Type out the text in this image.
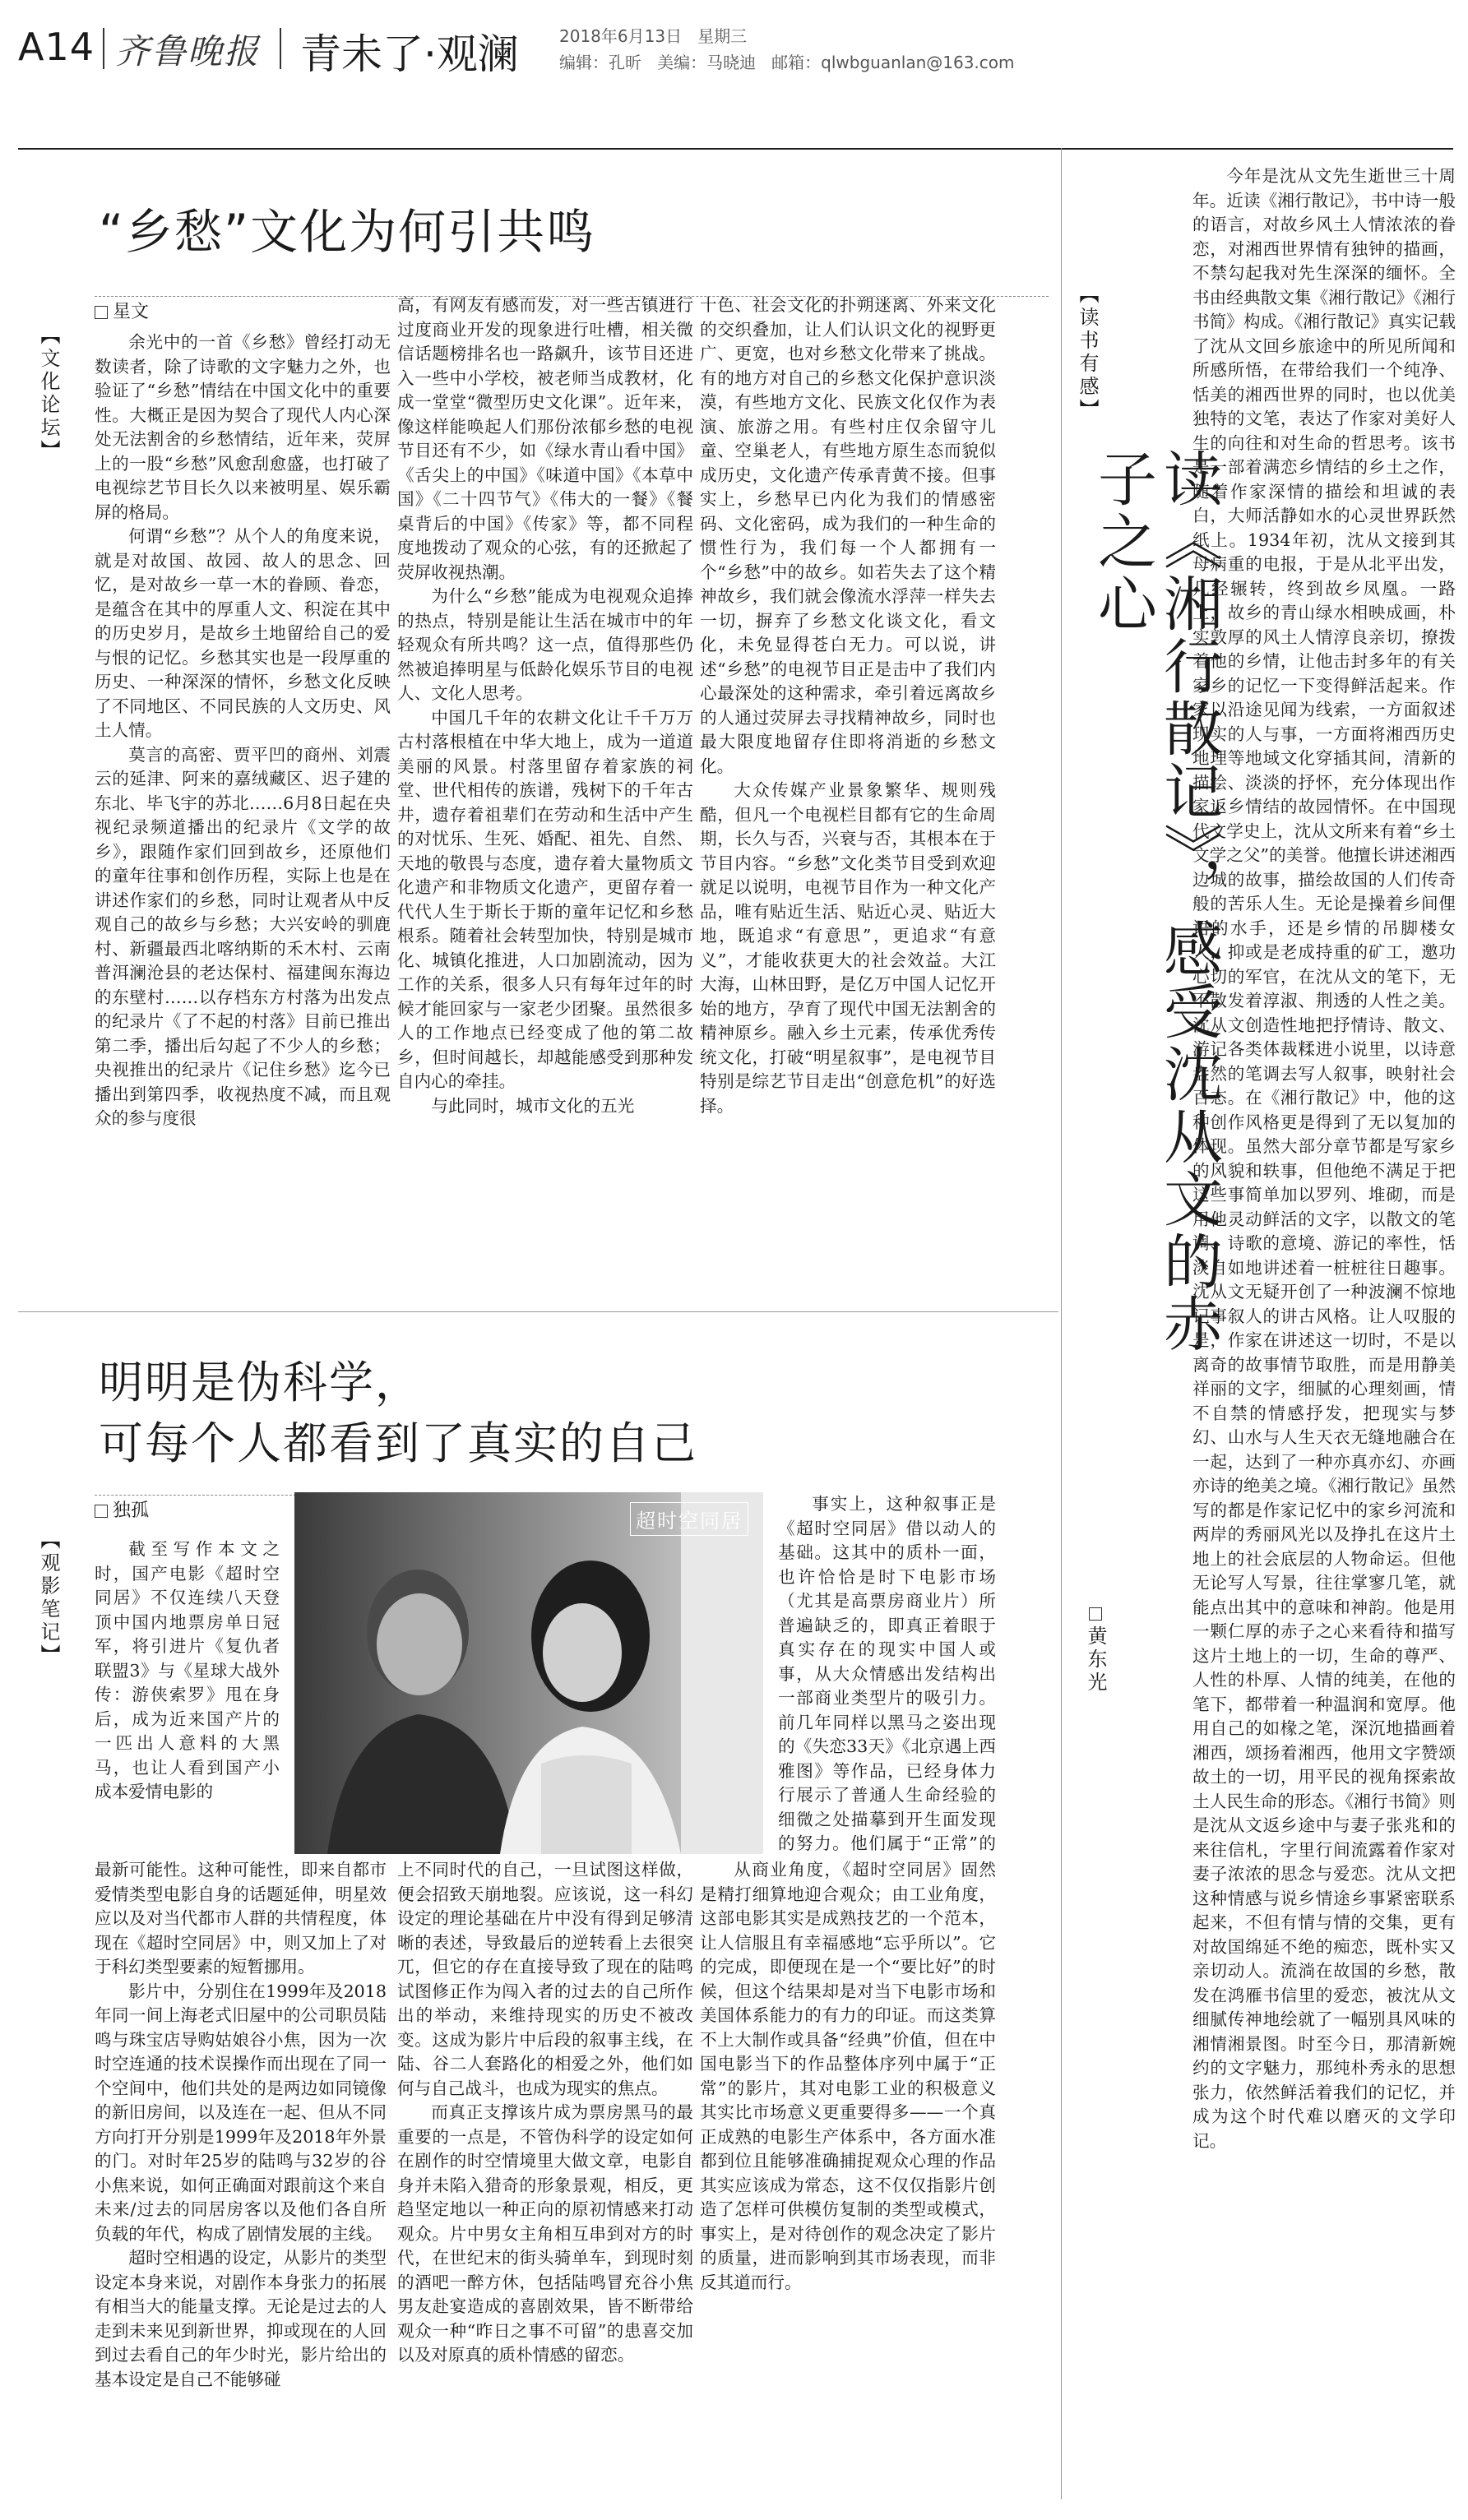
A14 齐鲁晚报 青未了·观澜 2018年6月13日 星期三
编辑：孔昕 美编：马晓迪 邮箱：qlwbguanlan@163.com
“乡愁”文化为何引共鸣
星文
【文化论坛】	余光中的一首《乡愁》曾经打动无数读者，除了诗歌的文字魅力之外，也验证了“乡愁”情结在中国文化中的重要性。大概正是因为契合了现代人内心深处无法割舍的乡愁情结，近年来，荧屏上的一股“乡愁”风愈刮愈盛，也打破了电视综艺节目长久以来被明星、娱乐霸屏的格局。

何谓“乡愁”？从个人的角度来说，就是对故国、故园、故人的思念、回忆，是对故乡一草一木的眷顾、眷恋，是蕴含在其中的厚重人文、积淀在其中的历史岁月，是故乡土地留给自己的爱与恨的记忆。乡愁其实也是一段厚重的历史、一种深深的情怀，乡愁文化反映了不同地区、不同民族的人文历史、风土人情。

莫言的高密、贾平凹的商州、刘震云的延津、阿来的嘉绒藏区、迟子建的东北、毕飞宇的苏北……6月8日起在央视纪录频道播出的纪录片《文学的故乡》，跟随作家们回到故乡，还原他们的童年往事和创作历程，实际上也是在讲述作家们的乡愁，同时让观者从中反观自己的故乡与乡愁；大兴安岭的驯鹿村、新疆最西北喀纳斯的禾木村、云南普洱澜沧县的老达保村、福建闽东海边的东壁村……以存档东方村落为出发点的纪录片《了不起的村落》目前已推出第二季，播出后勾起了不少人的乡愁；央视推出的纪录片《记住乡愁》迄今已播出到第四季，收视热度不减，而且观众的参与度很

高，有网友有感而发，对一些古镇进行过度商业开发的现象进行吐槽，相关微信话题榜排名也一路飙升，该节目还进入一些中小学校，被老师当成教材，化成一堂堂“微型历史文化课”。近年来，像这样能唤起人们那份浓郁乡愁的电视节目还有不少，如《绿水青山看中国》《舌尖上的中国》《味道中国》《本草中国》《二十四节气》《伟大的一餐》《餐桌背后的中国》《传家》等，都不同程度地拨动了观众的心弦，有的还掀起了荧屏收视热潮。

为什么“乡愁”能成为电视观众追捧的热点，特别是能让生活在城市中的年轻观众有所共鸣？这一点，值得那些仍然被追捧明星与低龄化娱乐节目的电视人、文化人思考。

中国几千年的农耕文化让千千万万古村落根植在中华大地上，成为一道道美丽的风景。村落里留存着家族的祠堂、世代相传的族谱，残树下的千年古井，遗存着祖辈们在劳动和生活中产生的对忧乐、生死、婚配、祖先、自然、天地的敬畏与态度，遗存着大量物质文化遗产和非物质文化遗产，更留存着一代代人生于斯长于斯的童年记忆和乡愁根系。随着社会转型加快，特别是城市化、城镇化推进，人口加剧流动，因为工作的关系，很多人只有每年过年的时候才能回家与一家老少团聚。虽然很多人的工作地点已经变成了他的第二故乡，但时间越长，却越能感受到那种发自内心的牵挂。

与此同时，城市文化的五光

十色、社会文化的扑朔迷离、外来文化的交织叠加，让人们认识文化的视野更广、更宽，也对乡愁文化带来了挑战。有的地方对自己的乡愁文化保护意识淡漠，有些地方文化、民族文化仅作为表演、旅游之用。有些村庄仅余留守儿童、空巢老人，有些地方原生态而貌似成历史，文化遗产传承青黄不接。但事实上，乡愁早已内化为我们的情感密码、文化密码，成为我们的一种生命的惯性行为，我们每一个人都拥有一个“乡愁”中的故乡。如若失去了这个精神故乡，我们就会像流水浮萍一样失去一切，摒弃了乡愁文化谈文化，看文化，未免显得苍白无力。可以说，讲述“乡愁”的电视节目正是击中了我们内心最深处的这种需求，牵引着远离故乡的人通过荧屏去寻找精神故乡，同时也最大限度地留存住即将消逝的乡愁文化。

大众传媒产业景象繁华、规则残酷，但凡一个电视栏目都有它的生命周期，长久与否，兴衰与否，其根本在于节目内容。“乡愁”文化类节目受到欢迎就足以说明，电视节目作为一种文化产品，唯有贴近生活、贴近心灵、贴近大地，既追求“有意思”，更追求“有意义”，才能收获更大的社会效益。大江大海，山林田野，是亿万中国人记忆开始的地方，孕育了现代中国无法割舍的精神原乡。融入乡土元素，传承优秀传统文化，打破“明星叙事”，是电视节目特别是综艺节目走出“创意危机”的好选择。

明明是伪科学，
可每个人都看到了真实的自己
独孤
【观影笔记】	截至写作本文之时，国产电影《超时空同居》不仅连续八天登顶中国内地票房单日冠军，将引进片《复仇者联盟3》与《星球大战外传：游侠索罗》甩在身后，成为近来国产片的一匹出人意料的大黑马，也让人看到国产小成本爱情电影的

超时空同居

事实上，这种叙事正是《超时空同居》借以动人的基础。这其中的质朴一面，也许恰恰是时下电影市场（尤其是高票房商业片）所普遍缺乏的，即真正着眼于真实存在的现实中国人或事，从大众情感出发结构出一部商业类型片的吸引力。前几年同样以黑马之姿出现的《失恋33天》《北京遇上西雅图》等作品，已经身体力行展示了普通人生命经验的细微之处描摹到开生面发现的努力。他们属于“正常”的

最新可能性。这种可能性，即来自都市爱情类型电影自身的话题延伸，明星效应以及对当代都市人群的共情程度，体现在《超时空同居》中，则又加上了对于科幻类型要素的短暂挪用。

影片中，分别住在1999年及2018年同一间上海老式旧屋中的公司职员陆鸣与珠宝店导购姑娘谷小焦，因为一次时空连通的技术误操作而出现在了同一个空间中，他们共处的是两边如同镜像的新旧房间，以及连在一起、但从不同方向打开分别是1999年及2018年外景的门。对时年25岁的陆鸣与32岁的谷小焦来说，如何正确面对跟前这个来自未来/过去的同居房客以及他们各自所负载的年代，构成了剧情发展的主线。

超时空相遇的设定，从影片的类型设定本身来说，对剧作本身张力的拓展有相当大的能量支撑。无论是过去的人走到未来见到新世界，抑或现在的人回到过去看自己的年少时光，影片给出的基本设定是自己不能够碰

上不同时代的自己，一旦试图这样做，便会招致天崩地裂。应该说，这一科幻设定的理论基础在片中没有得到足够清晰的表述，导致最后的逆转看上去很突兀，但它的存在直接导致了现在的陆鸣试图修正作为闯入者的过去的自己所作出的举动，来维持现实的历史不被改变。这成为影片中后段的叙事主线，在陆、谷二人套路化的相爱之外，他们如何与自己战斗，也成为现实的焦点。

而真正支撑该片成为票房黑马的最重要的一点是，不管伪科学的设定如何在剧作的时空情境里大做文章，电影自身并未陷入猎奇的形象景观，相反，更趋坚定地以一种正向的原初情感来打动观众。片中男女主角相互串到对方的时代，在世纪末的街头骑单车，到现时刻的酒吧一醉方休，包括陆鸣冒充谷小焦男友赴宴造成的喜剧效果，皆不断带给观众一种“昨日之事不可留”的患喜交加以及对原真的质朴情感的留恋。

从商业角度，《超时空同居》固然是精打细算地迎合观众；由工业角度，这部电影其实是成熟技艺的一个范本，让人信服且有幸福感地“忘乎所以”。它的完成，即便现在是一个“要比好”的时候，但这个结果却是对当下电影市场和美国体系能力的有力的印证。而这类算不上大制作或具备“经典”价值，但在中国电影当下的作品整体序列中属于“正常”的影片，其对电影工业的积极意义其实比市场意义更重要得多——一个真正成熟的电影生产体系中，各方面水准都到位且能够准确捕捉观众心理的作品其实应该成为常态，这不仅仅指影片创造了怎样可供模仿复制的类型或模式，事实上，是对待创作的观念决定了影片的质量，进而影响到其市场表现，而非反其道而行。

【读书有感】
读《湘行散记》，感受沈从文的赤子之心
黄东光

今年是沈从文先生逝世三十周年。近读《湘行散记》，书中诗一般的语言，对故乡风土人情浓浓的眷恋，对湘西世界情有独钟的描画，不禁勾起我对先生深深的缅怀。全书由经典散文集《湘行散记》《湘行书简》构成。《湘行散记》真实记载了沈从文回乡旅途中的所见所闻和所感所悟，在带给我们一个纯净、恬美的湘西世界的同时，也以优美独特的文笔，表达了作家对美好人生的向往和对生命的哲思考。该书是一部着满恋乡情结的乡土之作，随着作家深情的描绘和坦诚的表白，大师活静如水的心灵世界跃然纸上。1934年初，沈从文接到其母病重的电报，于是从北平出发，几经辗转，终到故乡凤凰。一路上，故乡的青山绿水相映成画，朴实敦厚的风土人情淳良亲切，撩拨着他的乡情，让他击封多年的有关家乡的记忆一下变得鲜活起来。作家以沿途见闻为线索，一方面叙述现实的人与事，一方面将湘西历史地理等地域文化穿插其间，清新的描绘、淡淡的抒怀，充分体现出作家返乡情结的故园情怀。在中国现代文学史上，沈从文所来有着“乡土文学之父”的美誉。他擅长讲述湘西边城的故事，描绘故国的人们传奇般的苦乐人生。无论是操着乡间俚语的水手，还是乡情的吊脚楼女人，抑或是老成持重的矿工，邀功心切的军官，在沈从文的笔下，无不散发着淳淑、荆透的人性之美。沈从文创造性地把抒情诗、散文、游记各类体裁糅进小说里，以诗意盎然的笔调去写人叙事，映射社会百态。在《湘行散记》中，他的这种创作风格更是得到了无以复加的体现。虽然大部分章节都是写家乡的风貌和轶事，但他绝不满足于把这些事简单加以罗列、堆砌，而是用他灵动鲜活的文字，以散文的笔调、诗歌的意境、游记的率性，恬淡自如地讲述着一桩桩往日趣事。沈从文无疑开创了一种波澜不惊地记事叙人的讲古风格。让人叹服的是，作家在讲述这一切时，不是以离奇的故事情节取胜，而是用静美祥丽的文字，细腻的心理刻画，情不自禁的情感抒发，把现实与梦幻、山水与人生天衣无缝地融合在一起，达到了一种亦真亦幻、亦画亦诗的绝美之境。《湘行散记》虽然写的都是作家记忆中的家乡河流和两岸的秀丽风光以及挣扎在这片土地上的社会底层的人物命运。但他无论写人写景，往往掌寥几笔，就能点出其中的意味和神韵。他是用一颗仁厚的赤子之心来看待和描写这片土地上的一切，生命的尊严、人性的朴厚、人情的纯美，在他的笔下，都带着一种温润和宽厚。他用自己的如椽之笔，深沉地描画着湘西，颂扬着湘西，他用文字赞颂故土的一切，用平民的视角探索故土人民生命的形态。《湘行书简》则是沈从文返乡途中与妻子张兆和的来往信札，字里行间流露着作家对妻子浓浓的思念与爱恋。沈从文把这种情感与说乡情途乡事紧密联系起来，不但有情与情的交集，更有对故国绵延不绝的痴恋，既朴实又亲切动人。流淌在故国的乡愁，散发在鸿雁书信里的爱恋，被沈从文细腻传神地绘就了一幅别具风味的湘情湘景图。时至今日，那清新婉约的文字魅力，那纯朴秀永的思想张力，依然鲜活着我们的记忆，并成为这个时代难以磨灭的文学印记。
